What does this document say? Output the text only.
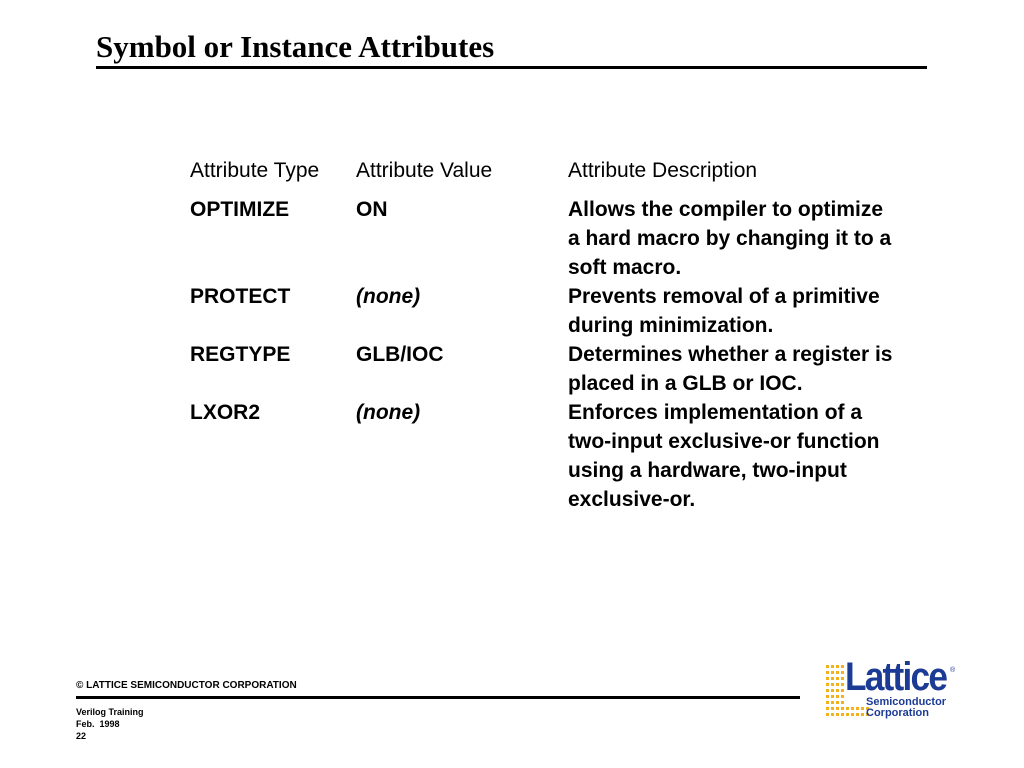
Symbol or Instance Attributes
Attribute Type	Attribute Value	Attribute Description
OPTIMIZE	ON	Allows the compiler to optimize a hard macro by changing it to a soft macro.
PROTECT	(none)	Prevents removal of a primitive during minimization.
REGTYPE	GLB/IOC	Determines whether a register is placed in a GLB or IOC.
LXOR2	(none)	Enforces implementation of a two-input exclusive-or function using a hardware, two-input exclusive-or.
© LATTICE SEMICONDUCTOR CORPORATION
Verilog Training
Feb.  1998
22
Lattice ®
Semiconductor
Corporation
